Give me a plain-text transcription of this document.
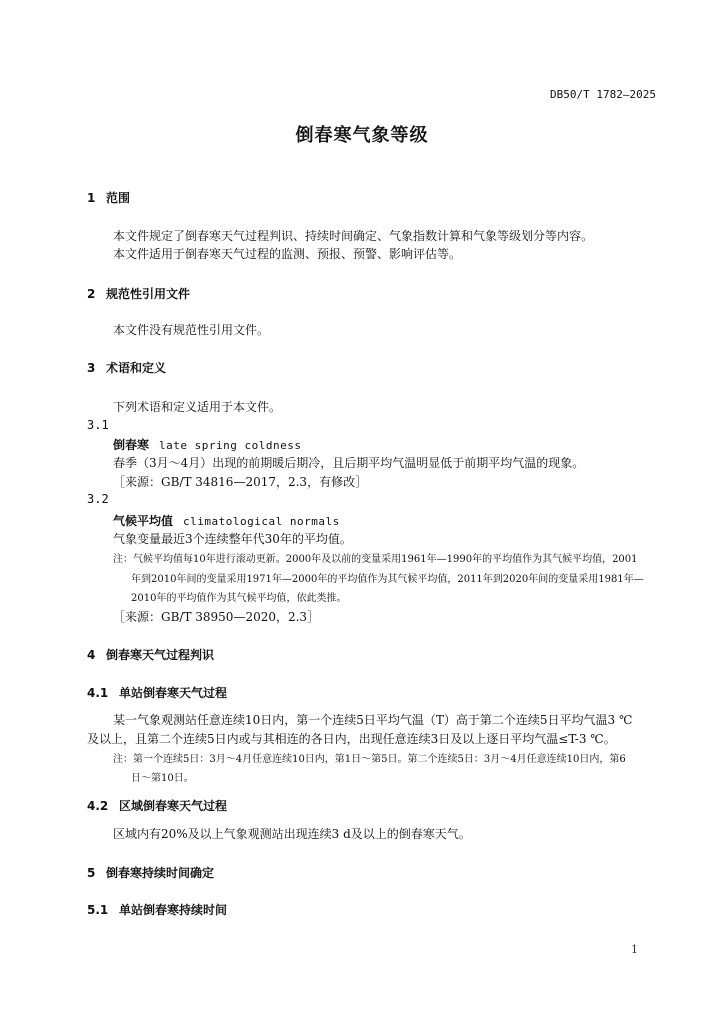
DB50/T 1782—2025
倒春寒气象等级
1 范围
本文件规定了倒春寒天气过程判识、持续时间确定、气象指数计算和气象等级划分等内容。
本文件适用于倒春寒天气过程的监测、预报、预警、影响评估等。
2 规范性引用文件
本文件没有规范性引用文件。
3 术语和定义
下列术语和定义适用于本文件。
3.1
倒春寒 late spring coldness
春季（3月～4月）出现的前期暖后期冷，且后期平均气温明显低于前期平均气温的现象。
［来源：GB/T 34816—2017，2.3，有修改］
3.2
气候平均值 climatological normals
气象变量最近3个连续整年代30年的平均值。
注：气候平均值每10年进行滚动更新。2000年及以前的变量采用1961年—1990年的平均值作为其气候平均值，2001
年到2010年间的变量采用1971年—2000年的平均值作为其气候平均值，2011年到2020年间的变量采用1981年—
2010年的平均值作为其气候平均值，依此类推。
［来源：GB/T 38950—2020，2.3］
4 倒春寒天气过程判识
4.1 单站倒春寒天气过程
某一气象观测站任意连续10日内，第一个连续5日平均气温（T）高于第二个连续5日平均气温3 ℃
及以上，且第二个连续5日内或与其相连的各日内，出现任意连续3日及以上逐日平均气温≤T-3 ℃。
注：第一个连续5日：3月～4月任意连续10日内，第1日～第5日。第二个连续5日：3月～4月任意连续10日内，第6
日～第10日。
4.2 区域倒春寒天气过程
区域内有20%及以上气象观测站出现连续3 d及以上的倒春寒天气。
5 倒春寒持续时间确定
5.1 单站倒春寒持续时间
1
